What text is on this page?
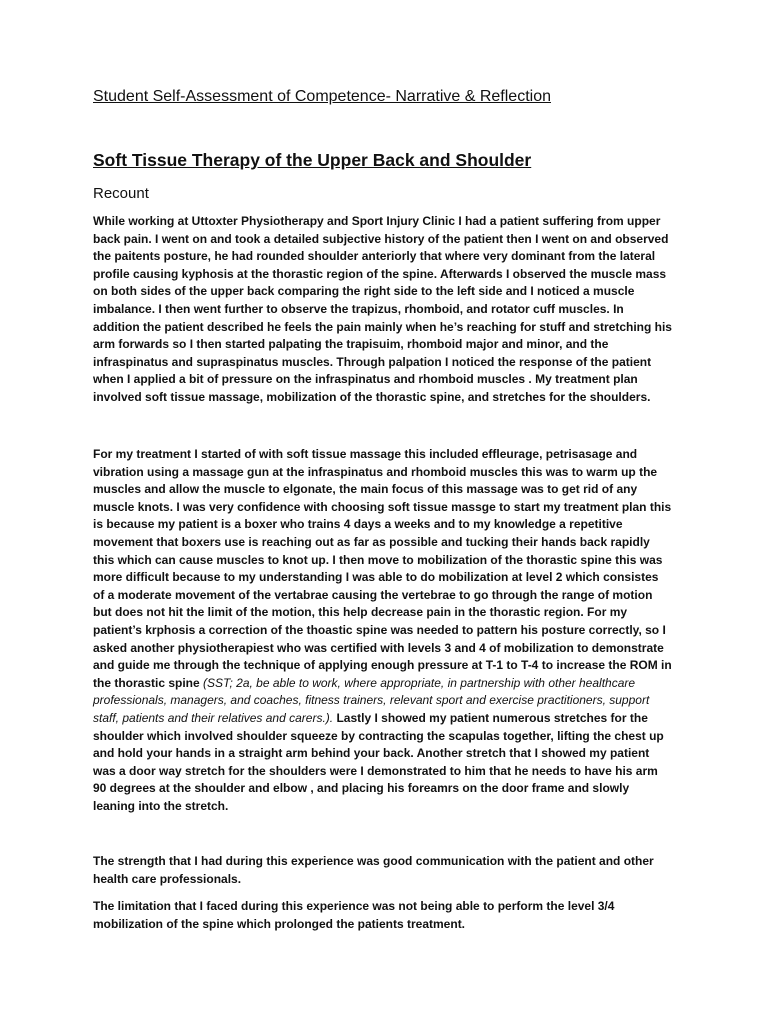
Student Self-Assessment of Competence- Narrative & Reflection
Soft Tissue Therapy of the Upper Back and Shoulder
Recount

While working at Uttoxter Physiotherapy and Sport Injury Clinic I had a patient suffering from upper back pain. I went on and took a detailed subjective history of the patient then I went on and observed the paitents posture, he had rounded shoulder anteriorly that where very dominant from the lateral profile causing kyphosis at the thorastic region of the spine. Afterwards I observed the muscle mass on both sides of the upper back comparing the right side to the left side and I noticed a muscle imbalance. I then went further to observe the trapizus, rhomboid, and rotator cuff muscles. In addition the patient described he feels the pain mainly when he’s reaching for stuff and stretching his arm forwards so I then started palpating the trapisuim, rhomboid major and minor, and the infraspinatus and supraspinatus muscles. Through palpation I noticed the response of the patient when I applied a bit of pressure on the infraspinatus and rhomboid muscles . My treatment plan involved soft tissue massage, mobilization of the thorastic spine, and stretches for the shoulders.

For my treatment I started of with soft tissue massage this included effleurage, petrisasage and vibration using a massage gun at the infraspinatus and rhomboid muscles this was to warm up the muscles and allow the muscle to elgonate, the main focus of this massage was to get rid of any muscle knots. I was very confidence with choosing soft tissue massge to start my treatment plan this is because my patient is a boxer who trains 4 days a weeks and to my knowledge a repetitive movement that boxers use is reaching out as far as possible and tucking their hands back rapidly this which can cause muscles to knot up. I then move to mobilization of the thorastic spine this was more difficult because to my understanding I was able to do mobilization at level 2 which consistes of a moderate movement of the vertabrae causing the vertebrae to go through the range of motion but does not hit the limit of the motion, this help decrease pain in the thorastic region. For my patient’s krphosis a correction of the thoastic spine was needed to pattern his posture correctly, so I asked another physiotherapiest who was certified with levels 3 and 4 of mobilization to demonstrate and guide me through the technique of applying enough pressure at T-1 to T-4 to increase the ROM in the thorastic spine (SST; 2a, be able to work, where appropriate, in partnership with other healthcare professionals, managers, and coaches, fitness trainers, relevant sport and exercise practitioners, support staff, patients and their relatives and carers.). Lastly I showed my patient numerous stretches for the shoulder which involved shoulder squeeze by contracting the scapulas together, lifting the chest up and hold your hands in a straight arm behind your back. Another stretch that I showed my patient was a door way stretch for the shoulders were I demonstrated to him that he needs to have his arm 90 degrees at the shoulder and elbow , and placing his foreamrs on the door frame and slowly leaning into the stretch.

The strength that I had during this experience was good communication with the patient and other health care professionals.

The limitation that I faced during this experience was not being able to perform the level 3/4 mobilization of the spine which prolonged the patients treatment.
